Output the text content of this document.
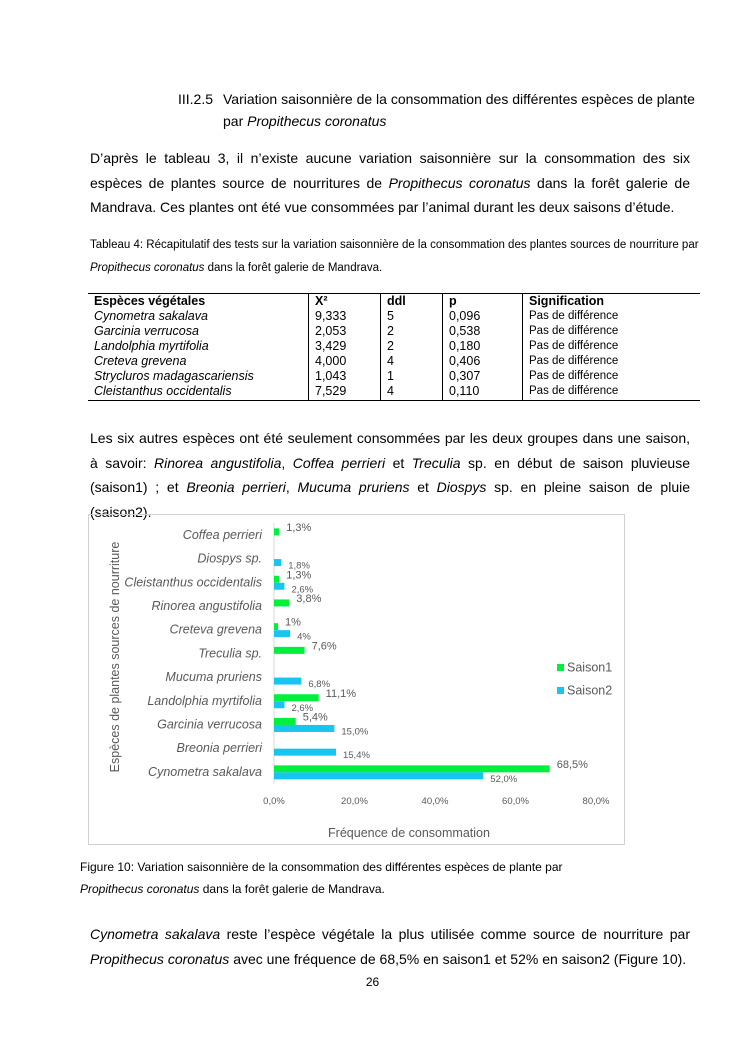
III.2.5 Variation saisonnière de la consommation des différentes espèces de plante
par Propithecus coronatus

D’après le tableau 3, il n’existe aucune variation saisonnière sur la consommation des six espèces de plantes source de nourritures de Propithecus coronatus dans la forêt galerie de Mandrava. Ces plantes ont été vue consommées par l’animal durant les deux saisons d’étude.

Tableau 4: Récapitulatif des tests sur la variation saisonnière de la consommation des plantes sources de nourriture par Propithecus coronatus dans la forêt galerie de Mandrava.
Espèces végétales	X²	ddl	p	Signification
Cynometra sakalava	9,333	5	0,096	Pas de différence
Garcinia verrucosa	2,053	2	0,538	Pas de différence
Landolphia myrtifolia	3,429	2	0,180	Pas de différence
Creteva grevena	4,000	4	0,406	Pas de différence
Strycluros madagascariensis	1,043	1	0,307	Pas de différence
Cleistanthus occidentalis	7,529	4	0,110	Pas de différence

Les six autres espèces ont été seulement consommées par les deux groupes dans une saison, à savoir: Rinorea angustifolia, Coffea perrieri et Treculia sp. en début de saison pluvieuse (saison1) ; et Breonia perrieri, Mucuma pruriens et Diospys sp. en pleine saison de pluie (saison2).

Coffea perrieri 1,3%
Diospys sp.
1,8%
Cleistanthus occidentalis 1,3%
2,6%
Rinorea angustifolia	3,8%
Creteva grevena 1%
4%
Treculia sp.	7,6%
Mucuma pruriens
6,8%
Landolphia myrtifolia	11,1%
2,6%
Garcinia verrucosa	5,4%
15,0%
Breonia perrieri
15,4%
Cynometra sakalava	68,5%
52,0%
0,0%	20,0%	40,0%	60,0%	80,0%
Fréquence de consommation
Espèces de plantes sources de nourriture	Saison1
Saison2
Figure 10: Variation saisonnière de la consommation des différentes espèces de plante par
Propithecus coronatus dans la forêt galerie de Mandrava.

Cynometra sakalava reste l’espèce végétale la plus utilisée comme source de nourriture par Propithecus coronatus avec une fréquence de 68,5% en saison1 et 52% en saison2 (Figure 10).

26
